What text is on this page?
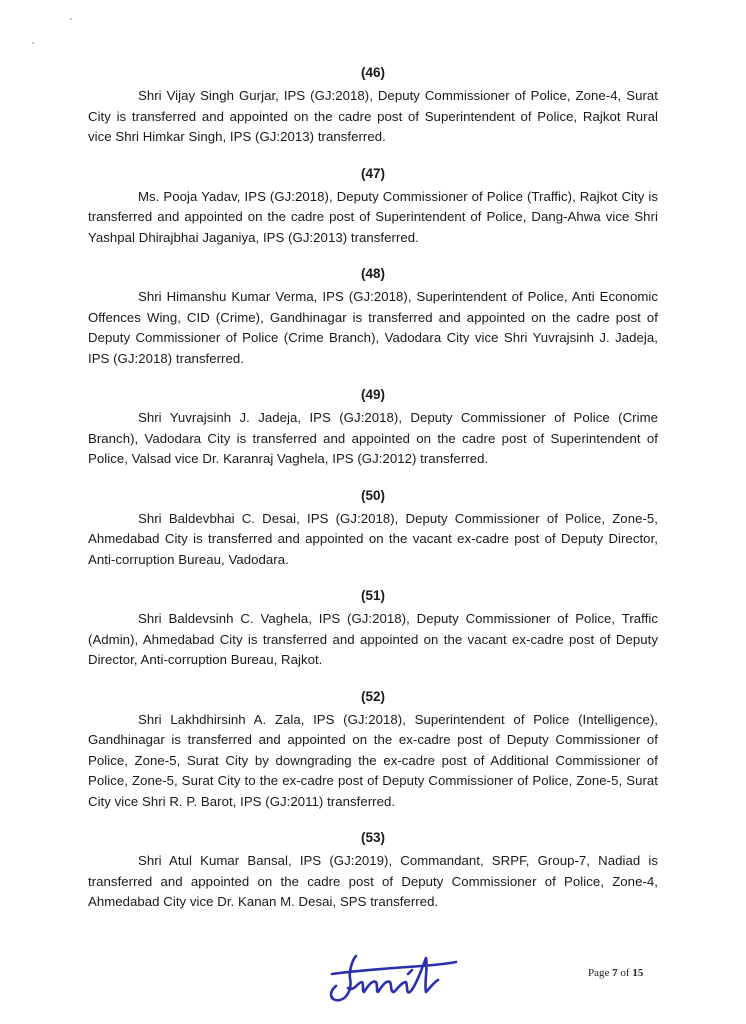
(46)
Shri Vijay Singh Gurjar, IPS (GJ:2018), Deputy Commissioner of Police, Zone-4, Surat City is transferred and appointed on the cadre post of Superintendent of Police, Rajkot Rural vice Shri Himkar Singh, IPS (GJ:2013) transferred.
(47)
Ms. Pooja Yadav, IPS (GJ:2018), Deputy Commissioner of Police (Traffic), Rajkot City is transferred and appointed on the cadre post of Superintendent of Police, Dang-Ahwa vice Shri Yashpal Dhirajbhai Jaganiya, IPS (GJ:2013) transferred.
(48)
Shri Himanshu Kumar Verma, IPS (GJ:2018), Superintendent of Police, Anti Economic Offences Wing, CID (Crime), Gandhinagar is transferred and appointed on the cadre post of Deputy Commissioner of Police (Crime Branch), Vadodara City vice Shri Yuvrajsinh J. Jadeja, IPS (GJ:2018) transferred.
(49)
Shri Yuvrajsinh J. Jadeja, IPS (GJ:2018), Deputy Commissioner of Police (Crime Branch), Vadodara City is transferred and appointed on the cadre post of Superintendent of Police, Valsad vice Dr. Karanraj Vaghela, IPS (GJ:2012) transferred.
(50)
Shri Baldevbhai C. Desai, IPS (GJ:2018), Deputy Commissioner of Police, Zone-5, Ahmedabad City is transferred and appointed on the vacant ex-cadre post of Deputy Director, Anti-corruption Bureau, Vadodara.
(51)
Shri Baldevsinh C. Vaghela, IPS (GJ:2018), Deputy Commissioner of Police, Traffic (Admin), Ahmedabad City is transferred and appointed on the vacant ex-cadre post of Deputy Director, Anti-corruption Bureau, Rajkot.
(52)
Shri Lakhdhirsinh A. Zala, IPS (GJ:2018), Superintendent of Police (Intelligence), Gandhinagar is transferred and appointed on the ex-cadre post of Deputy Commissioner of Police, Zone-5, Surat City by downgrading the ex-cadre post of Additional Commissioner of Police, Zone-5, Surat City to the ex-cadre post of Deputy Commissioner of Police, Zone-5, Surat City vice Shri R. P. Barot, IPS (GJ:2011) transferred.
(53)
Shri Atul Kumar Bansal, IPS (GJ:2019), Commandant, SRPF, Group-7, Nadiad is transferred and appointed on the cadre post of Deputy Commissioner of Police, Zone-4, Ahmedabad City vice Dr. Kanan M. Desai, SPS transferred.
Page 7 of 15
